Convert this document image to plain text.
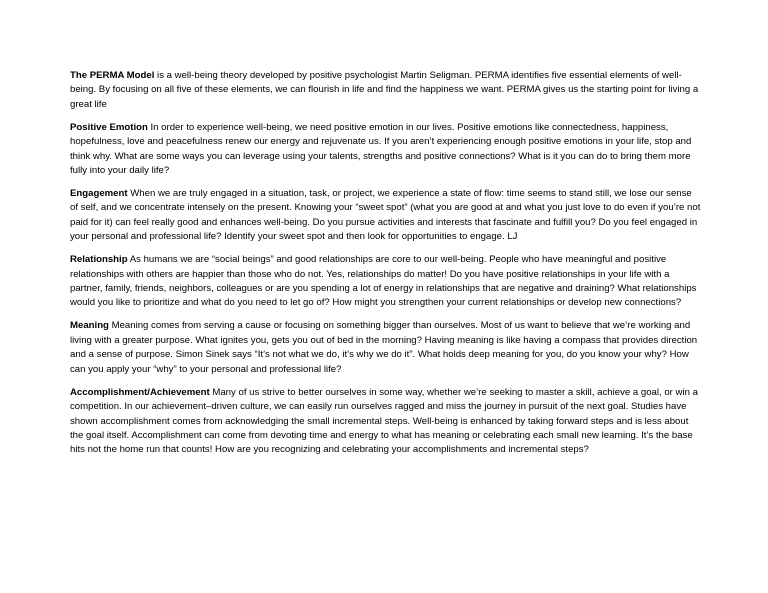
The PERMA Model is a well-being theory developed by positive psychologist Martin Seligman. PERMA identifies five essential elements of well-being. By focusing on all five of these elements, we can flourish in life and find the happiness we want. PERMA gives us the starting point for living a great life

Positive Emotion In order to experience well-being, we need positive emotion in our lives. Positive emotions like connectedness, happiness, hopefulness, love and peacefulness renew our energy and rejuvenate us. If you aren’t experiencing enough positive emotions in your life, stop and think why. What are some ways you can leverage using your talents, strengths and positive connections? What is it you can do to bring them more fully into your daily life?

Engagement When we are truly engaged in a situation, task, or project, we experience a state of flow: time seems to stand still, we lose our sense of self, and we concentrate intensely on the present. Knowing your “sweet spot” (what you are good at and what you just love to do even if you’re not paid for it) can feel really good and enhances well-being. Do you pursue activities and interests that fascinate and fulfill you? Do you feel engaged in your personal and professional life? Identify your sweet spot and then look for opportunities to engage. LJ

Relationship As humans we are “social beings” and good relationships are core to our well-being. People who have meaningful and positive relationships with others are happier than those who do not. Yes, relationships do matter! Do you have positive relationships in your life with a partner, family, friends, neighbors, colleagues or are you spending a lot of energy in relationships that are negative and draining? What relationships would you like to prioritize and what do you need to let go of? How might you strengthen your current relationships or develop new connections?

Meaning Meaning comes from serving a cause or focusing on something bigger than ourselves. Most of us want to believe that we’re working and living with a greater purpose. What ignites you, gets you out of bed in the morning? Having meaning is like having a compass that provides direction and a sense of purpose. Simon Sinek says “It’s not what we do, it’s why we do it”. What holds deep meaning for you, do you know your why? How can you apply your “why” to your personal and professional life?

Accomplishment/Achievement Many of us strive to better ourselves in some way, whether we’re seeking to master a skill, achieve a goal, or win a competition. In our achievement–driven culture, we can easily run ourselves ragged and miss the journey in pursuit of the next goal. Studies have shown accomplishment comes from acknowledging the small incremental steps. Well-being is enhanced by taking forward steps and is less about the goal itself. Accomplishment can come from devoting time and energy to what has meaning or celebrating each small new learning. It’s the base hits not the home run that counts! How are you recognizing and celebrating your accomplishments and incremental steps?
